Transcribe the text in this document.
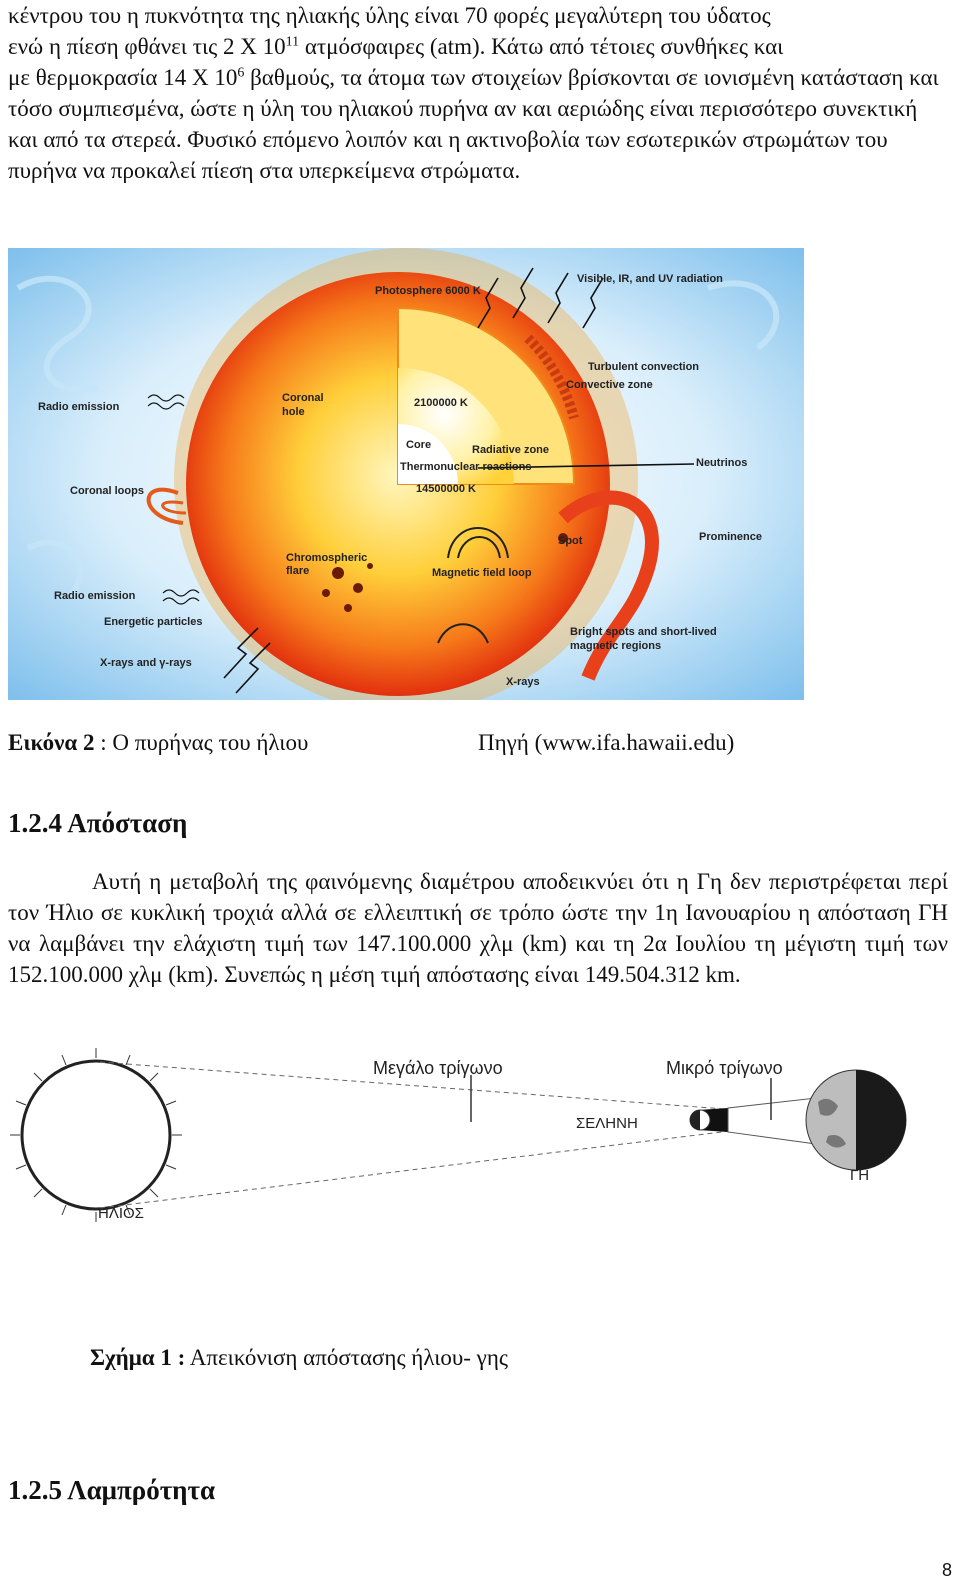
κέντρου του η πυκνότητα της ηλιακής ύλης είναι 70 φορές μεγαλύτερη του ύδατος
ενώ η πίεση φθάνει τις 2 Χ $10^{11}$ ατμόσφαιρες (atm). Κάτω από τέτοιες συνθήκες και
με θερμοκρασία 14 Χ $10^6$ βαθμούς, τα άτομα των στοιχείων βρίσκονται σε ιονισμένη κατάσταση και τόσο συμπιεσμένα, ώστε η ύλη του ηλιακού πυρήνα αν και αεριώδης είναι περισσότερο συνεκτική και από τα στερεά. Φυσικό επόμενο λοιπόν και η ακτινοβολία των εσωτερικών στρωμάτων του πυρήνα να προκαλεί πίεση στα υπερκείμενα στρώματα.
Photosphere 6000 K
Visible, IR, and UV radiation
Turbulent convection
Convective zone
Radio emission
Coronal
hole
2100000 K
Core	Radiative zone
Thermonuclear reactions
14500000 K
Neutrinos
Coronal loops
Prominence
Spot
Chromospheric
flare	Magnetic field loop
Radio emission
Energetic particles
Bright spots and short-lived
magnetic regions
X-rays and γ-rays
X-rays
Εικόνα 2 : Ο πυρήνας του ήλιου	Πηγή (www.ifa.hawaii.edu)
1.2.4 Απόσταση
Αυτή η μεταβολή της φαινόμενης διαμέτρου αποδεικνύει ότι η Γη δεν περιστρέφεται περί τον Ήλιο σε κυκλική τροχιά αλλά σε ελλειπτική σε τρόπο ώστε την 1η Ιανουαρίου η απόσταση ΓΗ να λαμβάνει την ελάχιστη τιμή των 147.100.000 χλμ (km) και τη 2α Ιουλίου τη μέγιστη τιμή των 152.100.000 χλμ (km). Συνεπώς η μέση τιμή απόστασης είναι 149.504.312 km.
Μεγάλο τρίγωνο	Μικρό τρίγωνο
ΣΕΛΗΝΗ
ΓΗ
ΗΛΙΟΣ
Σχήμα 1 : Απεικόνιση απόστασης ήλιου- γης
1.2.5 Λαμπρότητα
8
